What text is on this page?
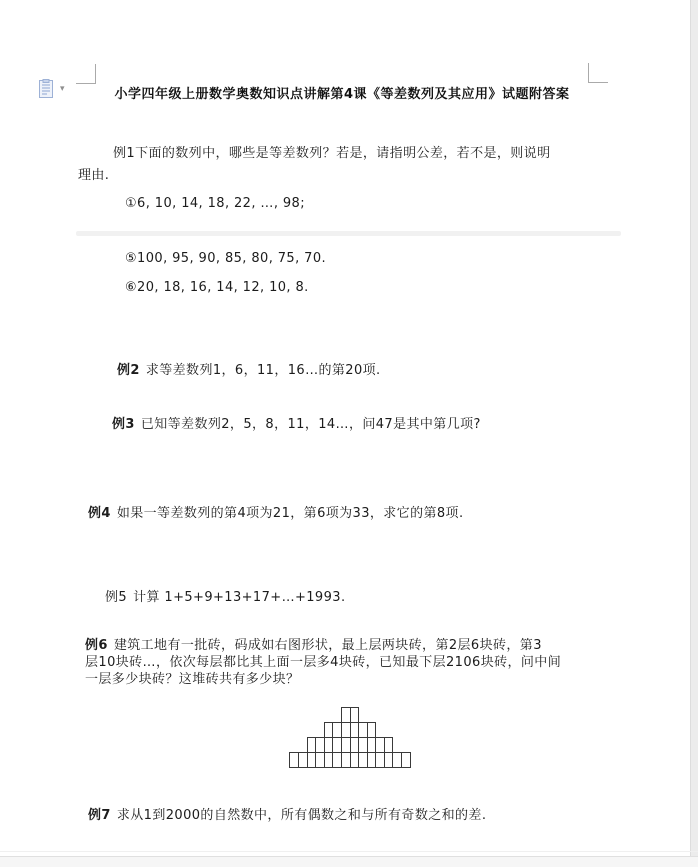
▾	小学四年级上册数学奥数知识点讲解第4课《等差数列及其应用》试题附答案
例1下面的数列中，哪些是等差数列？若是，请指明公差，若不是，则说明
理由.
①6, 10, 14, 18, 22, …, 98;
⑤100, 95, 90, 85, 80, 75, 70.
⑥20, 18, 16, 14, 12, 10, 8.
例2 求等差数列1，6，11，16…的第20项.
例3 已知等差数列2，5，8，11，14…，问47是其中第几项?
例4 如果一等差数列的第4项为21，第6项为33，求它的第8项.
例5 计算 1+5+9+13+17+…+1993.
例6 建筑工地有一批砖，码成如右图形状，最上层两块砖，第2层6块砖，第3
层10块砖…，依次每层都比其上面一层多4块砖，已知最下层2106块砖，问中间
一层多少块砖？这堆砖共有多少块？
例7 求从1到2000的自然数中，所有偶数之和与所有奇数之和的差.
